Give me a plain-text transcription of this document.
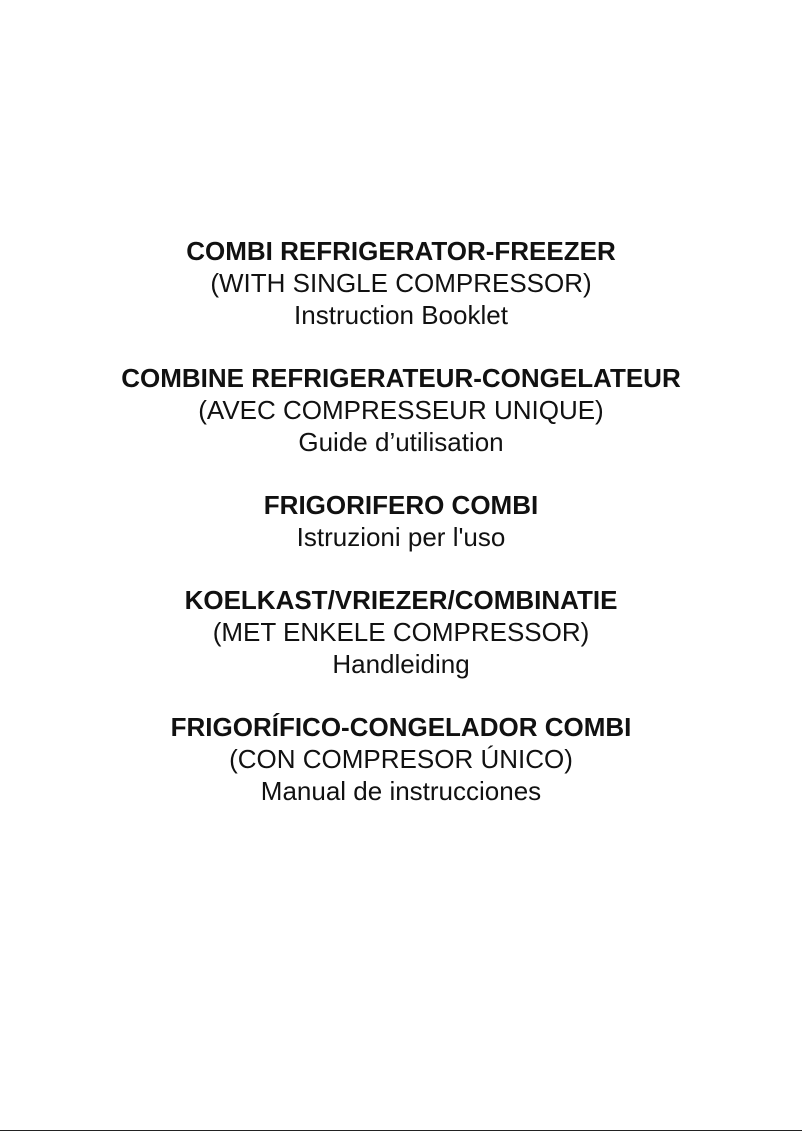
COMBI REFRIGERATOR-FREEZER
(WITH SINGLE COMPRESSOR)
Instruction Booklet
COMBINE REFRIGERATEUR-CONGELATEUR
(AVEC COMPRESSEUR UNIQUE)
Guide d’utilisation
FRIGORIFERO COMBI
Istruzioni per l'uso
KOELKAST/VRIEZER/COMBINATIE
(MET ENKELE COMPRESSOR)
Handleiding
FRIGORÍFICO-CONGELADOR COMBI
(CON COMPRESOR ÚNICO)
Manual de instrucciones
